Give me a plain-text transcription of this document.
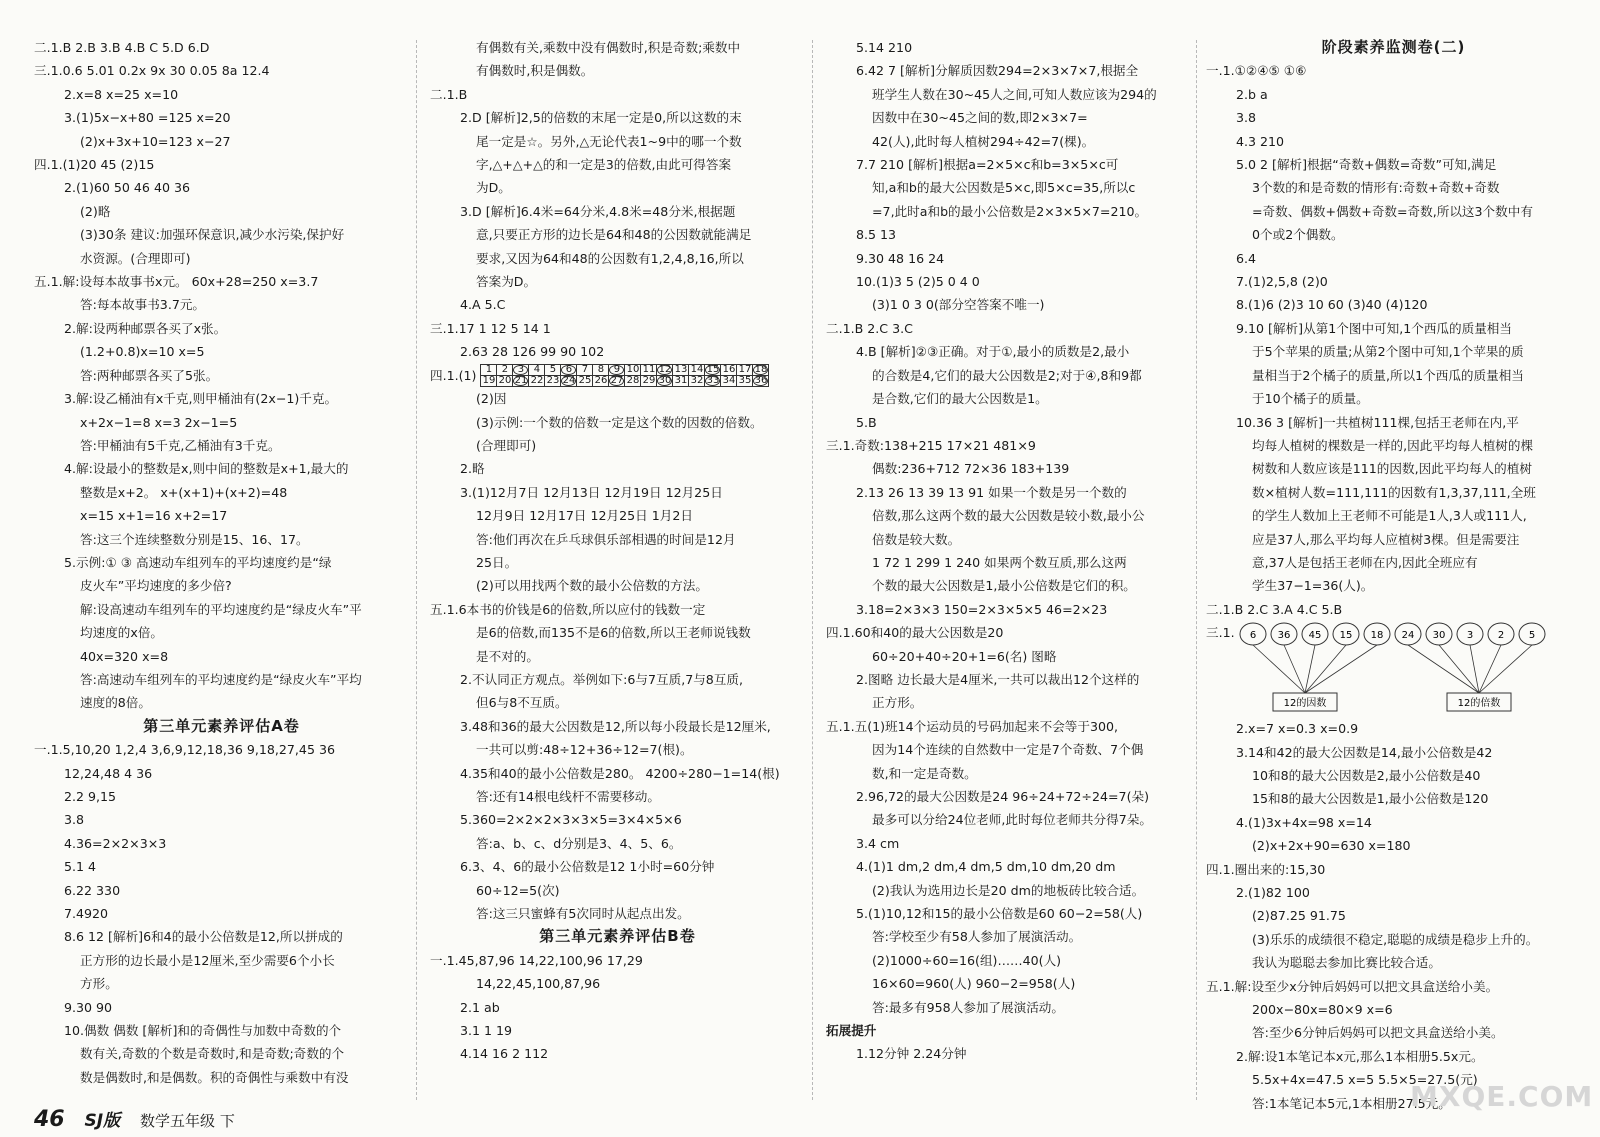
二.1.B 2.B 3.B 4.B C 5.D 6.D
三.1.0.6 5.01 0.2x 9x 30 0.05 8a 12.4
2.x=8 x=25 x=10
3.(1)5x−x+80 =125 x=20
(2)x+3x+10=123 x−27
四.1.(1)20 45 (2)15
2.(1)60 50 46 40 36
(2)略
(3)30条 建议:加强环保意识,减少水污染,保护好
水资源。(合理即可)
五.1.解:设每本故事书x元。 60x+28=250 x=3.7
答:每本故事书3.7元。
2.解:设两种邮票各买了x张。
(1.2+0.8)x=10 x=5
答:两种邮票各买了5张。
3.解:设乙桶油有x千克,则甲桶油有(2x−1)千克。
x+2x−1=8 x=3 2x−1=5
答:甲桶油有5千克,乙桶油有3千克。
4.解:设最小的整数是x,则中间的整数是x+1,最大的
整数是x+2。 x+(x+1)+(x+2)=48
x=15 x+1=16 x+2=17
答:这三个连续整数分别是15、16、17。
5.示例:① ③ 高速动车组列车的平均速度约是“绿
皮火车”平均速度的多少倍?
解:设高速动车组列车的平均速度约是“绿皮火车”平
均速度的x倍。
40x=320 x=8
答:高速动车组列车的平均速度约是“绿皮火车”平均
速度的8倍。
第三单元素养评估A卷
一.1.5,10,20 1,2,4 3,6,9,12,18,36 9,18,27,45 36
12,24,48 4 36
2.2 9,15
3.8
4.36=2×2×3×3
5.1 4
6.22 330
7.4920
8.6 12 [解析]6和4的最小公倍数是12,所以拼成的
正方形的边长最小是12厘米,至少需要6个小长
方形。
9.30 90
10.偶数 偶数 [解析]和的奇偶性与加数中奇数的个
数有关,奇数的个数是奇数时,和是奇数;奇数的个
数是偶数时,和是偶数。积的奇偶性与乘数中有没
有偶数有关,乘数中没有偶数时,积是奇数;乘数中
有偶数时,积是偶数。
二.1.B
2.D [解析]2,5的倍数的末尾一定是0,所以这数的末
尾一定是☆。另外,△无论代表1~9中的哪一个数
字,△+△+△的和一定是3的倍数,由此可得答案
为D。
3.D [解析]6.4米=64分米,4.8米=48分米,根据题
意,只要正方形的边长是64和48的公因数就能满足
要求,又因为64和48的公因数有1,2,4,8,16,所以
答案为D。
4.A 5.C
三.1.17 1 12 5 14 1
2.63 28 126 99 90 102
四.1.(1) 1	2	3	4	5	6	7	8	9	10	11	12	13	14	15	16	17	18
19	20	21	22	23	24	25	26	27	28	29	30	31	32	33	34	35	36
(2)因
(3)示例:一个数的倍数一定是这个数的因数的倍数。
(合理即可)
2.略
3.(1)12月7日 12月13日 12月19日 12月25日
12月9日 12月17日 12月25日 1月2日
答:他们再次在乒乓球俱乐部相遇的时间是12月
25日。
(2)可以用找两个数的最小公倍数的方法。
五.1.6本书的价钱是6的倍数,所以应付的钱数一定
是6的倍数,而135不是6的倍数,所以王老师说钱数
是不对的。
2.不认同正方观点。举例如下:6与7互质,7与8互质,
但6与8不互质。
3.48和36的最大公因数是12,所以每小段最长是12厘米,
一共可以剪:48÷12+36÷12=7(根)。
4.35和40的最小公倍数是280。 4200÷280−1=14(根)
答:还有14根电线杆不需要移动。
5.360=2×2×2×3×3×5=3×4×5×6
答:a、b、c、d分别是3、4、5、6。
6.3、4、6的最小公倍数是12 1小时=60分钟
60÷12=5(次)
答:这三只蜜蜂有5次同时从起点出发。
第三单元素养评估B卷
一.1.45,87,96 14,22,100,96 17,29
14,22,45,100,87,96
2.1 ab
3.1 1 19
4.14 16 2 112
5.14 210
6.42 7 [解析]分解质因数294=2×3×7×7,根据全
班学生人数在30~45人之间,可知人数应该为294的
因数中在30~45之间的数,即2×3×7=
42(人),此时每人植树294÷42=7(棵)。
7.7 210 [解析]根据a=2×5×c和b=3×5×c可
知,a和b的最大公因数是5×c,即5×c=35,所以c
=7,此时a和b的最小公倍数是2×3×5×7=210。
8.5 13
9.30 48 16 24
10.(1)3 5 (2)5 0 4 0
(3)1 0 3 0(部分空答案不唯一)
二.1.B 2.C 3.C
4.B [解析]②③正确。对于①,最小的质数是2,最小
的合数是4,它们的最大公因数是2;对于④,8和9都
是合数,它们的最大公因数是1。
5.B
三.1.奇数:138+215 17×21 481×9
偶数:236+712 72×36 183+139
2.13 26 13 39 13 91 如果一个数是另一个数的
倍数,那么这两个数的最大公因数是较小数,最小公
倍数是较大数。
1 72 1 299 1 240 如果两个数互质,那么这两
个数的最大公因数是1,最小公倍数是它们的积。
3.18=2×3×3 150=2×3×5×5 46=2×23
四.1.60和40的最大公因数是20
60÷20+40÷20+1=6(名) 图略
2.图略 边长最大是4厘米,一共可以裁出12个这样的
正方形。
五.1.五(1)班14个运动员的号码加起来不会等于300,
因为14个连续的自然数中一定是7个奇数、7个偶
数,和一定是奇数。
2.96,72的最大公因数是24 96÷24+72÷24=7(朵)
最多可以分给24位老师,此时每位老师共分得7朵。
3.4 cm
4.(1)1 dm,2 dm,4 dm,5 dm,10 dm,20 dm
(2)我认为选用边长是20 dm的地板砖比较合适。
5.(1)10,12和15的最小公倍数是60 60−2=58(人)
答:学校至少有58人参加了展演活动。
(2)1000÷60=16(组)……40(人)
16×60=960(人) 960−2=958(人)
答:最多有958人参加了展演活动。
拓展提升
1.12分钟 2.24分钟
阶段素养监测卷(二)
一.1.①②④⑤ ①⑥
2.b a
3.8
4.3 210
5.0 2 [解析]根据“奇数+偶数=奇数”可知,满足
3个数的和是奇数的情形有:奇数+奇数+奇数
=奇数、偶数+偶数+奇数=奇数,所以这3个数中有
0个或2个偶数。
6.4
7.(1)2,5,8 (2)0
8.(1)6 (2)3 10 60 (3)40 (4)120
9.10 [解析]从第1个图中可知,1个西瓜的质量相当
于5个苹果的质量;从第2个图中可知,1个苹果的质
量相当于2个橘子的质量,所以1个西瓜的质量相当
于10个橘子的质量。
10.36 3 [解析]一共植树111棵,包括王老师在内,平
均每人植树的棵数是一样的,因此平均每人植树的棵
树数和人数应该是111的因数,因此平均每人的植树
数×植树人数=111,111的因数有1,3,37,111,全班
的学生人数加上王老师不可能是1人,3人或111人,
应是37人,那么平均每人应植树3棵。但是需要注
意,37人是包括王老师在内,因此全班应有
学生37−1=36(人)。
二.1.B 2.C 3.A 4.C 5.B
三.1. 6 36 45 15 18 24 30 3 2 5
12的因数	12的倍数
2.x=7 x=0.3 x=0.9
3.14和42的最大公因数是14,最小公倍数是42
10和8的最大公因数是2,最小公倍数是40
15和8的最大公因数是1,最小公倍数是120
4.(1)3x+4x=98 x=14
(2)x+2x+90=630 x=180
四.1.圈出来的:15,30
2.(1)82 100
(2)87.25 91.75
(3)乐乐的成绩很不稳定,聪聪的成绩是稳步上升的。
我认为聪聪去参加比赛比较合适。
五.1.解:设至少x分钟后妈妈可以把文具盒送给小美。
200x−80x=80×9 x=6
答:至少6分钟后妈妈可以把文具盒送给小美。
2.解:设1本笔记本x元,那么1本相册5.5x元。
5.5x+4x=47.5 x=5 5.5×5=27.5(元)
答:1本笔记本5元,1本相册27.5元。
46 SJ版 数学五年级 下
MXQE.COM
